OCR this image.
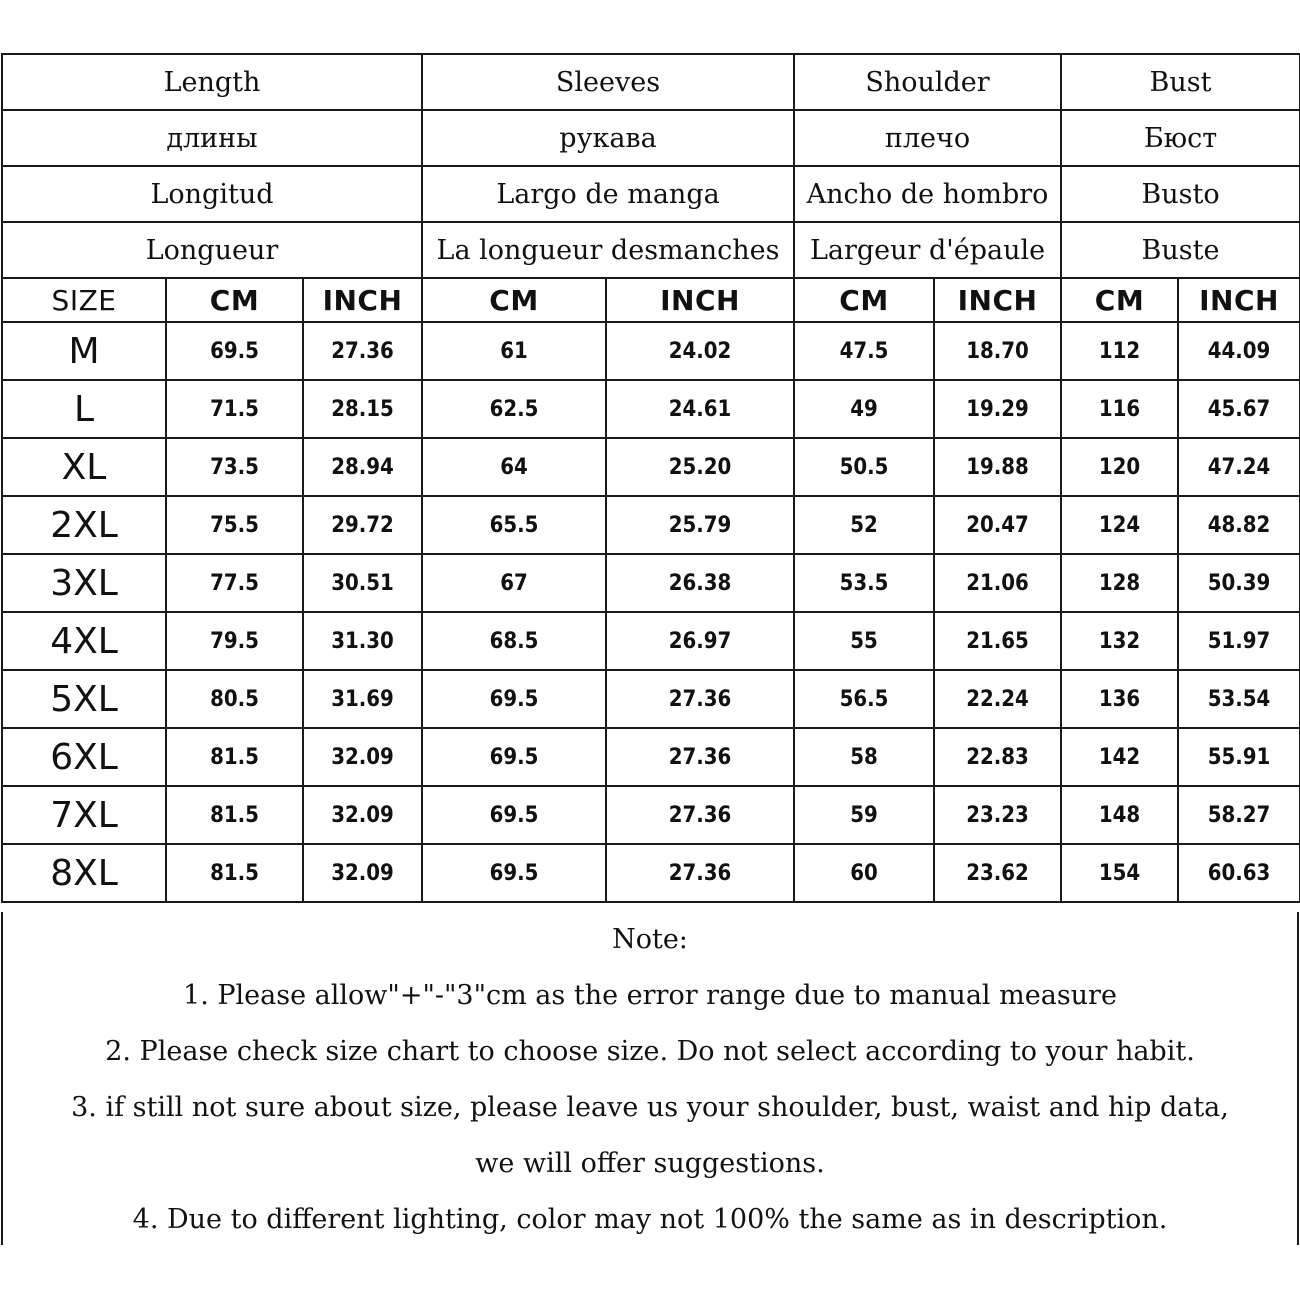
Length			Sleeves		Shoulder		Bust	
длины			рукава		плечо		Бюст	
Longitud			Largo de manga		Ancho de hombro		Busto	
Longueur			La longueur desmanches		Largeur d'épaule		Buste	
SIZE	CM	INCH	CM	INCH	CM	INCH	CM	INCH
M	69.5	27.36	61	24.02	47.5	18.70	112	44.09
L	71.5	28.15	62.5	24.61	49	19.29	116	45.67
XL	73.5	28.94	64	25.20	50.5	19.88	120	47.24
2XL	75.5	29.72	65.5	25.79	52	20.47	124	48.82
3XL	77.5	30.51	67	26.38	53.5	21.06	128	50.39
4XL	79.5	31.30	68.5	26.97	55	21.65	132	51.97
5XL	80.5	31.69	69.5	27.36	56.5	22.24	136	53.54
6XL	81.5	32.09	69.5	27.36	58	22.83	142	55.91
7XL	81.5	32.09	69.5	27.36	59	23.23	148	58.27
8XL	81.5	32.09	69.5	27.36	60	23.62	154	60.63
Note:
1. Please allow"+"-"3"cm as the error range due to manual measure
2. Please check size chart to choose size. Do not select according to your habit.
3. if still not sure about size, please leave us your shoulder, bust, waist and hip data,
we will offer suggestions.
4. Due to different lighting, color may not 100% the same as in description.
